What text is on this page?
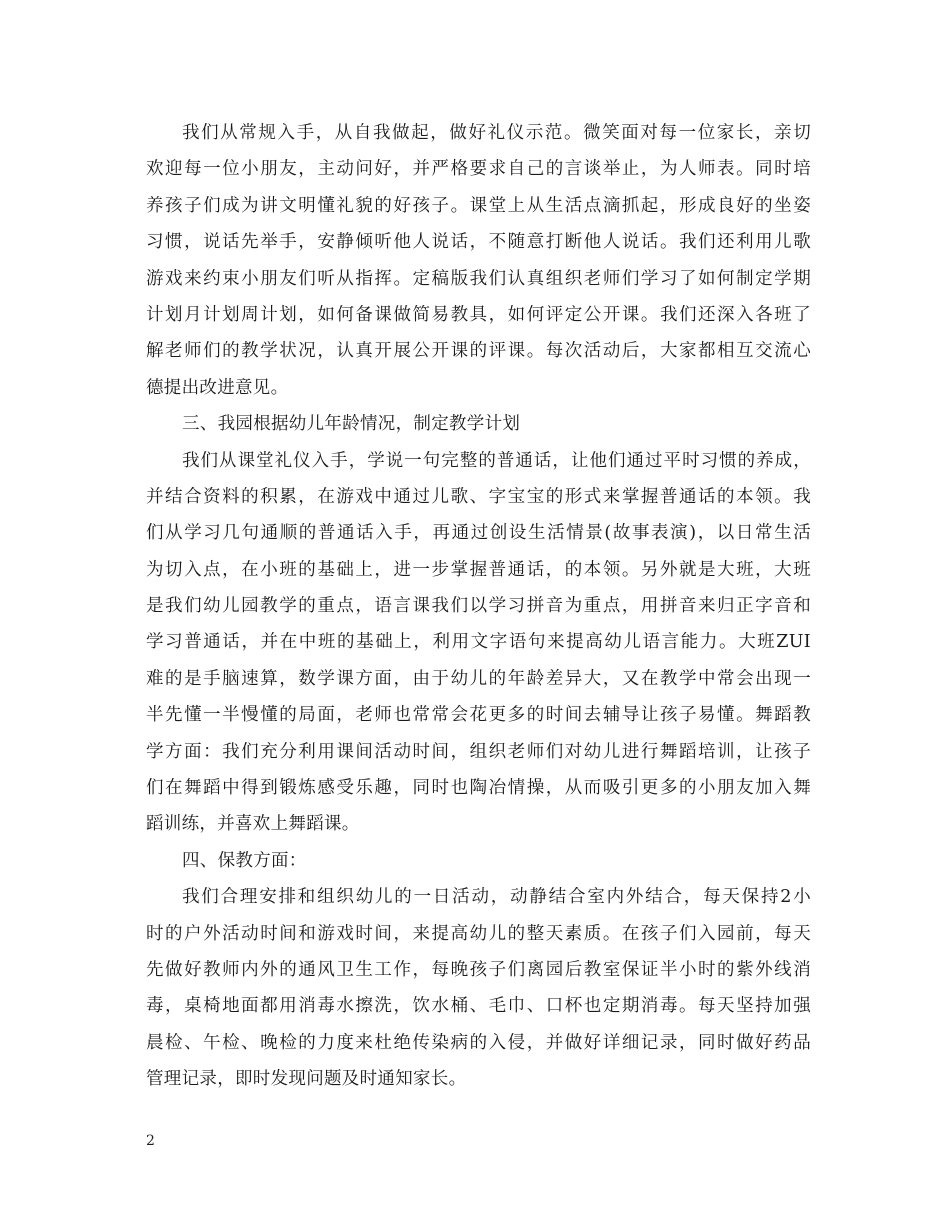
我们从常规入手，从自我做起，做好礼仪示范。微笑面对每一位家长，亲切
欢迎每一位小朋友，主动问好，并严格要求自己的言谈举止，为人师表。同时培
养孩子们成为讲文明懂礼貌的好孩子。课堂上从生活点滴抓起，形成良好的坐姿
习惯，说话先举手，安静倾听他人说话，不随意打断他人说话。我们还利用儿歌
游戏来约束小朋友们听从指挥。定稿版我们认真组织老师们学习了如何制定学期
计划月计划周计划，如何备课做简易教具，如何评定公开课。我们还深入各班了
解老师们的教学状况，认真开展公开课的评课。每次活动后，大家都相互交流心
德提出改进意见。
三、我园根据幼儿年龄情况，制定教学计划
我们从课堂礼仪入手，学说一句完整的普通话，让他们通过平时习惯的养成，
并结合资料的积累，在游戏中通过儿歌、字宝宝的形式来掌握普通话的本领。我
们从学习几句通顺的普通话入手，再通过创设生活情景(故事表演)，以日常生活
为切入点，在小班的基础上，进一步掌握普通话，的本领。另外就是大班，大班
是我们幼儿园教学的重点，语言课我们以学习拼音为重点，用拼音来归正字音和
学习普通话，并在中班的基础上，利用文字语句来提高幼儿语言能力。大班ZUI
难的是手脑速算，数学课方面，由于幼儿的年龄差异大，又在教学中常会出现一
半先懂一半慢懂的局面，老师也常常会花更多的时间去辅导让孩子易懂。舞蹈教
学方面：我们充分利用课间活动时间，组织老师们对幼儿进行舞蹈培训，让孩子
们在舞蹈中得到锻炼感受乐趣，同时也陶冶情操，从而吸引更多的小朋友加入舞
蹈训练，并喜欢上舞蹈课。
四、保教方面：
我们合理安排和组织幼儿的一日活动，动静结合室内外结合，每天保持2小
时的户外活动时间和游戏时间，来提高幼儿的整天素质。在孩子们入园前，每天
先做好教师内外的通风卫生工作，每晚孩子们离园后教室保证半小时的紫外线消
毒，桌椅地面都用消毒水擦洗，饮水桶、毛巾、口杯也定期消毒。每天坚持加强
晨检、午检、晚检的力度来杜绝传染病的入侵，并做好详细记录，同时做好药品
管理记录，即时发现问题及时通知家长。
2
